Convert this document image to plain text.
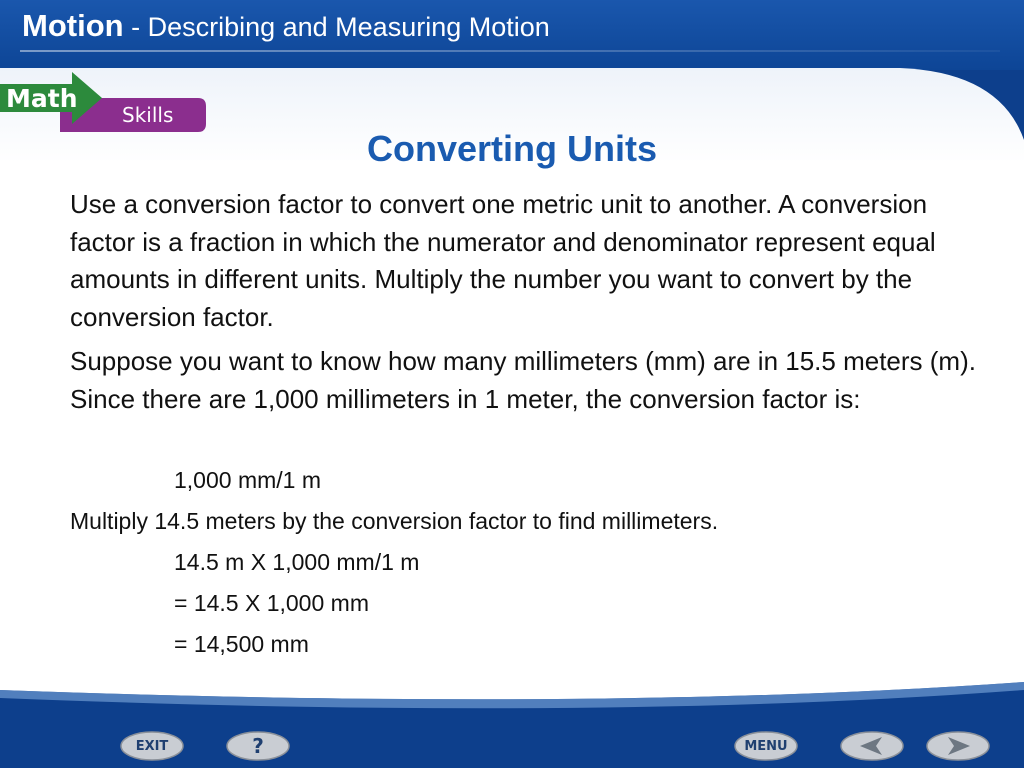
Motion - Describing and Measuring Motion
Math
Skills
Converting Units
Use a conversion factor to convert one metric unit to another. A conversion factor is a fraction in which the numerator and denominator represent equal amounts in different units. Multiply the number you want to convert by the conversion factor.
Suppose you want to know how many millimeters (mm) are in 15.5 meters (m). Since there are 1,000 millimeters in 1 meter, the conversion factor is:
1,000 mm/1 m
Multiply 14.5 meters by the conversion factor to find millimeters.
14.5 m X 1,000 mm/1 m
= 14.5 X 1,000 mm
= 14,500 mm
EXIT	?	MENU
